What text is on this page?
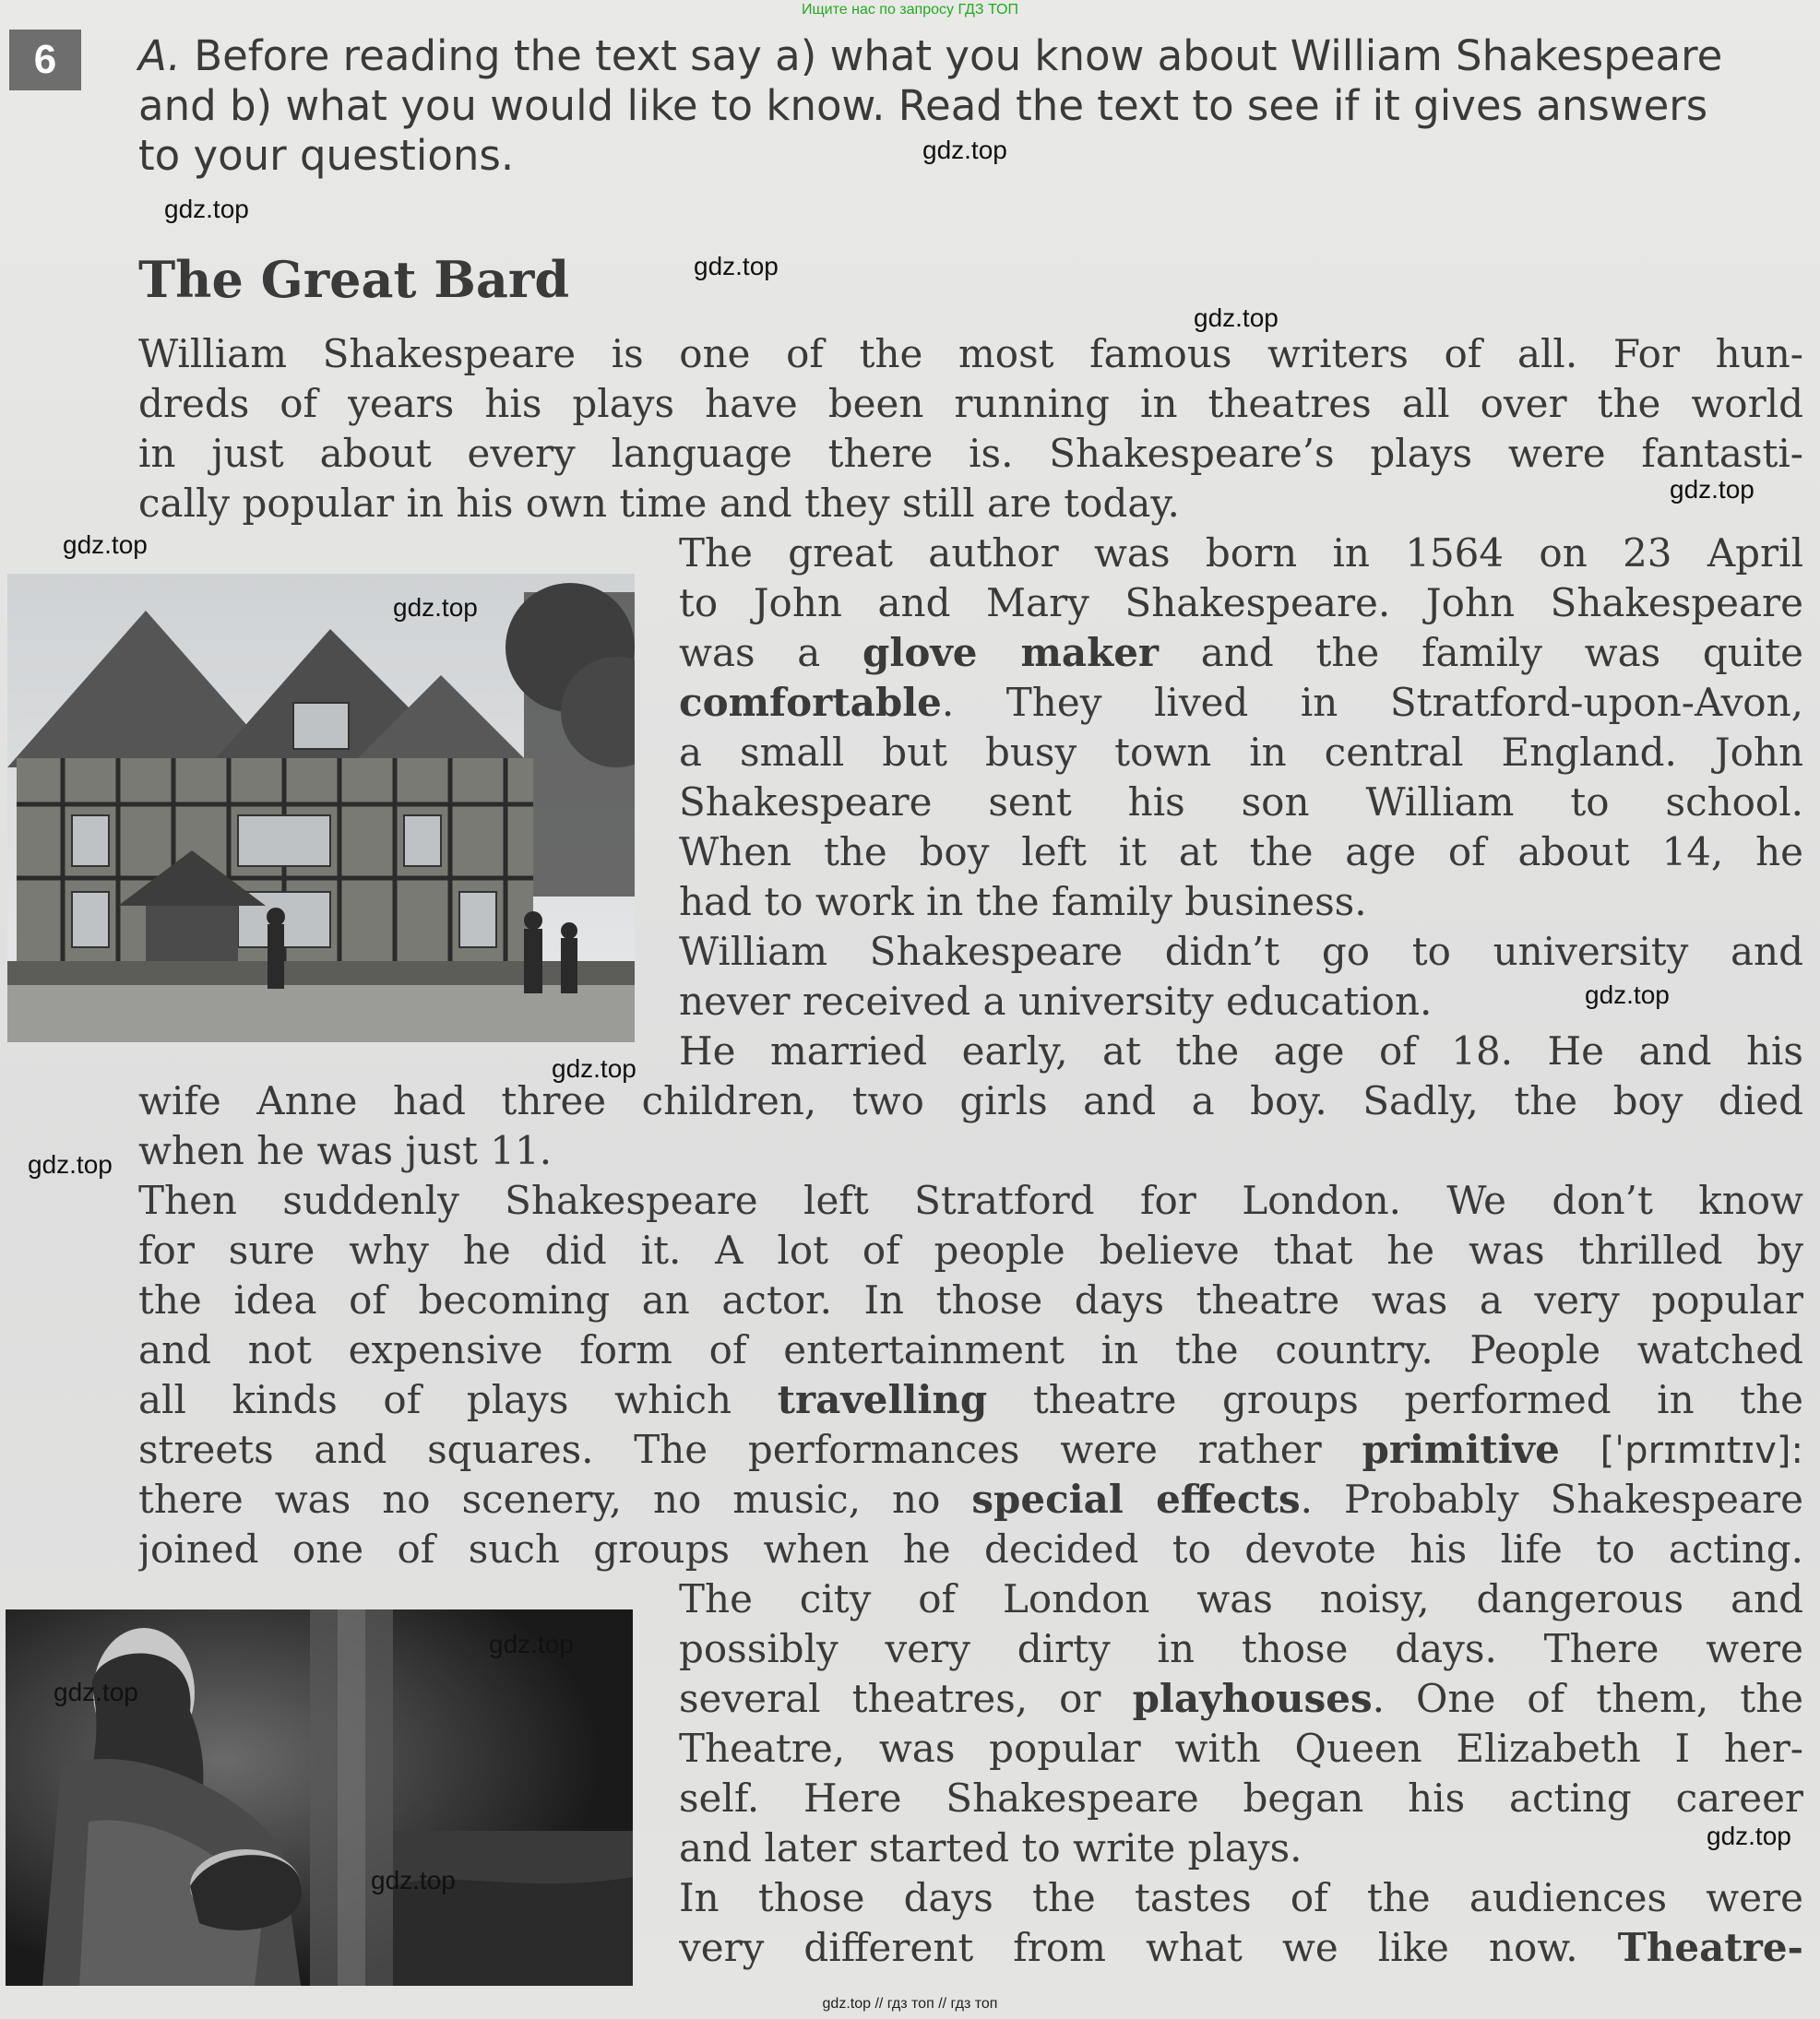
Ищите нас по запросу ГДЗ ТОП
6	A. Before reading the text say a) what you know about William Shakespeare
and b) what you would like to know. Read the text to see if it gives answers
to your questions.
The Great Bard
William Shakespeare is one of the most famous writers of all. For hun-
dreds of years his plays have been running in theatres all over the world
in just about every language there is. Shakespeare’s plays were fantasti-
cally popular in his own time and they still are today.
The great author was born in 1564 on 23 April
to John and Mary Shakespeare. John Shakespeare
was a glove maker and the family was quite
comfortable. They lived in Stratford-upon-Avon,
a small but busy town in central England. John
Shakespeare sent his son William to school.
When the boy left it at the age of about 14, he
had to work in the family business.
William Shakespeare didn’t go to university and
never received a university education.
He married early, at the age of 18. He and his
wife Anne had three children, two girls and a boy. Sadly, the boy died
when he was just 11.
Then suddenly Shakespeare left Stratford for London. We don’t know
for sure why he did it. A lot of people believe that he was thrilled by
the idea of becoming an actor. In those days theatre was a very popular
and not expensive form of entertainment in the country. People watched
all kinds of plays which travelling theatre groups performed in the
streets and squares. The performances were rather primitive [ˈprɪmɪtɪv]:
there was no scenery, no music, no special effects. Probably Shakespeare
joined one of such groups when he decided to devote his life to acting.
The city of London was noisy, dangerous and
possibly very dirty in those days. There were
several theatres, or playhouses. One of them, the
Theatre, was popular with Queen Elizabeth I her-
self. Here Shakespeare began his acting career
and later started to write plays.
In those days the tastes of the audiences were
very different from what we like now. Theatre-
gdz.top
gdz.top
gdz.top
gdz.top
gdz.top
gdz.top
gdz.top
gdz.top
gdz.top
gdz.top
gdz.top
gdz.top
gdz.top
gdz.top
gdz.top // гдз топ // гдз топ
